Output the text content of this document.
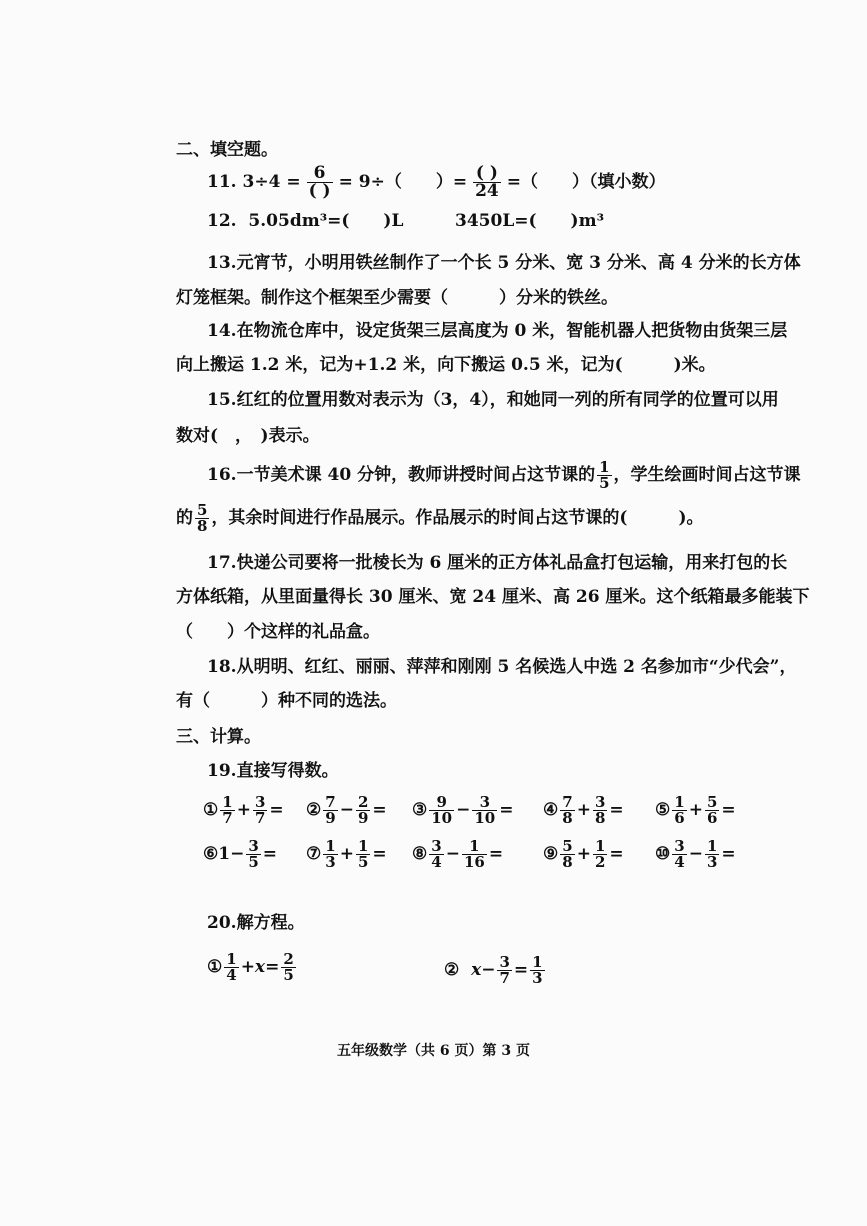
二、填空题。
11.
$3\div 4 = \frac{6}{( )} = 9\div$（　　）= $\frac{( )}{24}$ =（　　）（填小数）
12. 5.05dm³=(　　)L	3450L=(　　)m³
13.元宵节，小明用铁丝制作了一个长 5 分米、宽 3 分米、高 4 分米的长方体
灯笼框架。制作这个框架至少需要（　　　）分米的铁丝。
14.在物流仓库中，设定货架三层高度为 0 米，智能机器人把货物由货架三层
向上搬运 1.2 米，记为+1.2 米，向下搬运 0.5 米，记为(　　　)米。
15.红红的位置用数对表示为（3，4），和她同一列的所有同学的位置可以用
数对(　，　)表示。
16.一节美术课 40 分钟，教师讲授时间占这节课的 $\frac{1}{5}$ ，学生绘画时间占这节课
的 $\frac{5}{8}$ ，其余时间进行作品展示。作品展示的时间占这节课的(　　　)。
17.快递公司要将一批棱长为 6 厘米的正方体礼品盒打包运输，用来打包的长
方体纸箱，从里面量得长 30 厘米、宽 24 厘米、高 26 厘米。这个纸箱最多能装下
（　　）个这样的礼品盒。
18.从明明、红红、丽丽、萍萍和刚刚 5 名候选人中选 2 名参加市“少代会”，
有（　　　）种不同的选法。
三、计算。
19.直接写得数。
① $\frac{1}{7} + \frac{3}{7}$ = ② $\frac{7}{9} - \frac{2}{9}$ = ③ $\frac{9}{10} - \frac{3}{10}$ = ④ $\frac{7}{8} + \frac{3}{8}$ = ⑤ $\frac{1}{6} + \frac{5}{6}$ =
⑥ $1- \frac{3}{5}$ = ⑦ $\frac{1}{3} + \frac{1}{5}$ = ⑧ $\frac{3}{4} - \frac{1}{16}$ = ⑨ $\frac{5}{8} + \frac{1}{2}$ = ⑩ $\frac{3}{4} - \frac{1}{3}$ =
20.解方程。
① $\frac{1}{4} +x= \frac{2}{5}$	②
$x- \frac{3}{7} = \frac{1}{3}$
五年级数学（共 6 页）第 3 页
